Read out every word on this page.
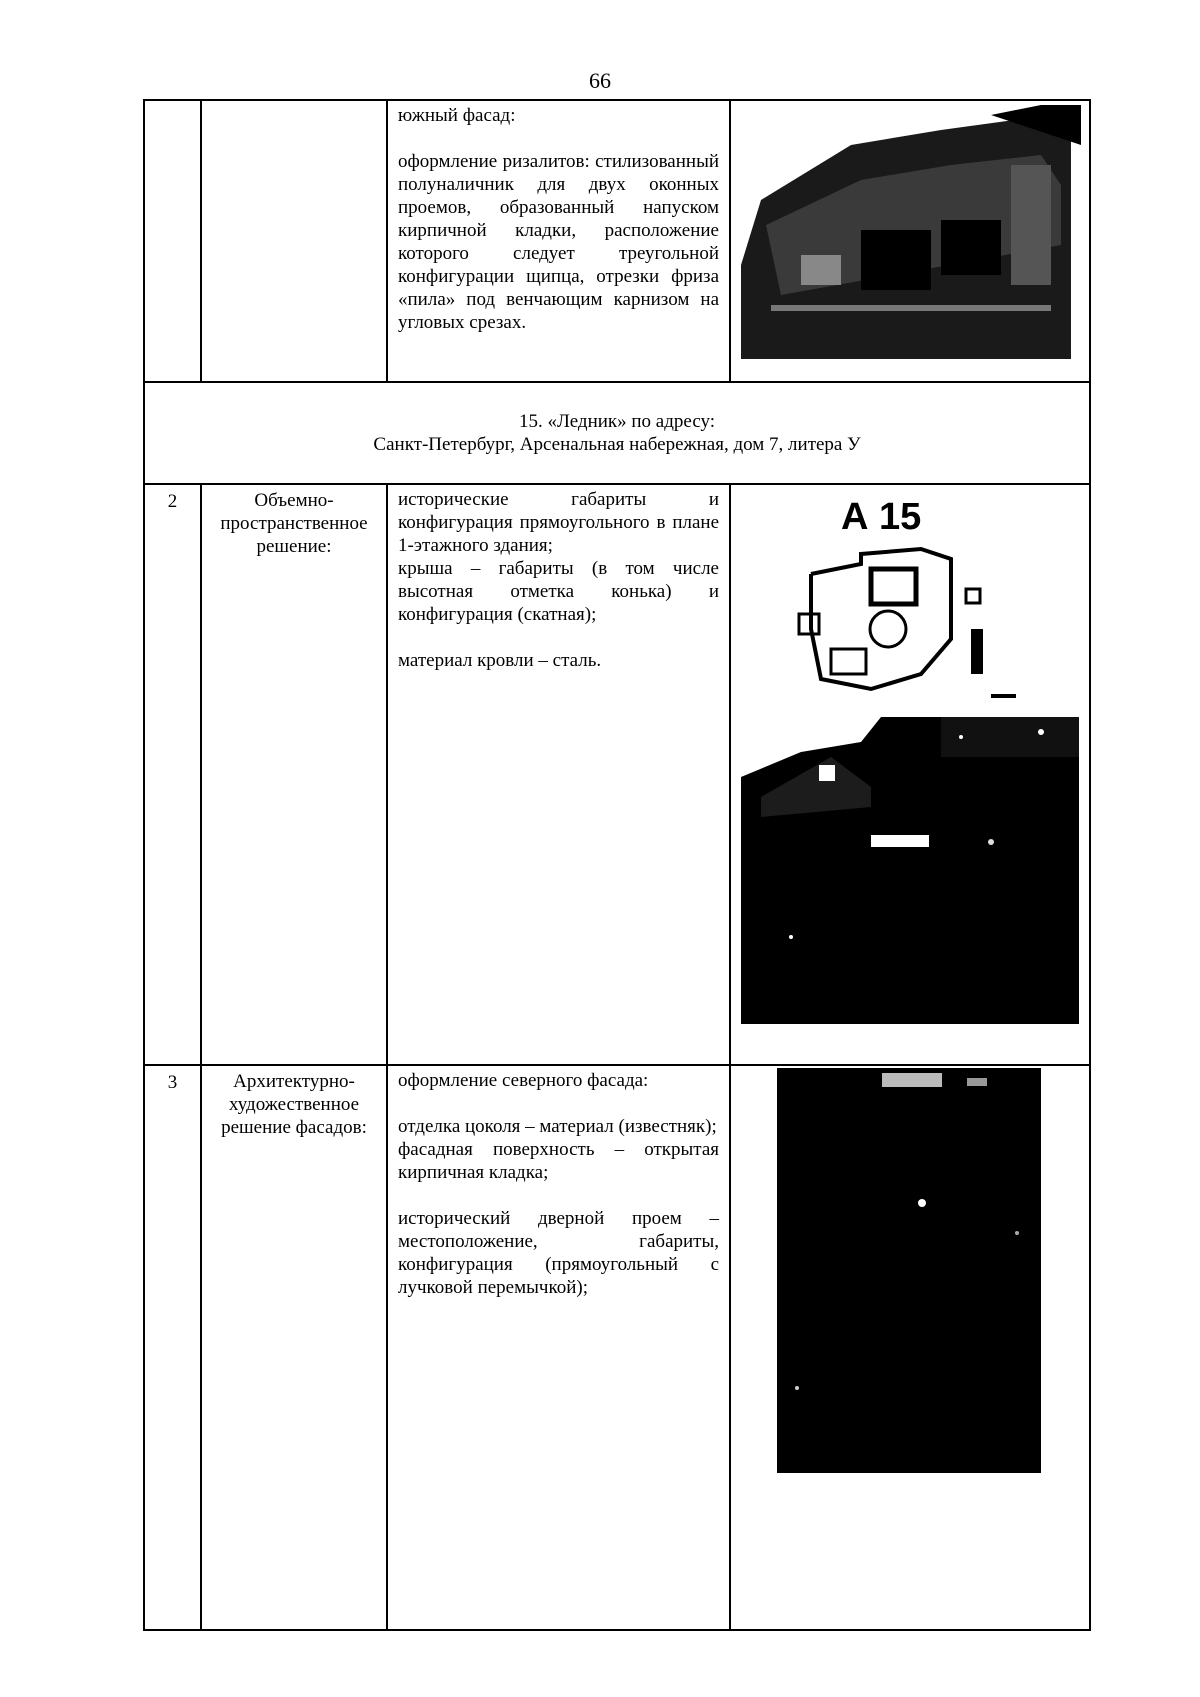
66

		южный фасад:

оформление ризалитов: стилизованный полуналичник для двух оконных проемов, образованный напуском кирпичной кладки, расположение которого следует треугольной конфигурации щипца, отрезки фриза «пила» под венчающим карнизом на угловых срезах.

15. «Ледник» по адресу:
Санкт-Петербург, Арсенальная набережная, дом 7, литера У			

2	Объемно-пространственное решение:	исторические габариты и конфигурация прямоугольного в плане 1-этажного здания;

крыша – габариты (в том числе высотная отметка конька) и конфигурация (скатная);

материал кровли – сталь.	А 15

3	Архитектурно-художественное решение фасадов:	оформление северного фасада:

отделка цоколя – материал (известняк);

фасадная поверхность – открытая кирпичная кладка;

исторический дверной проем – местоположение, габариты, конфигурация (прямоугольный с лучковой перемычкой);
